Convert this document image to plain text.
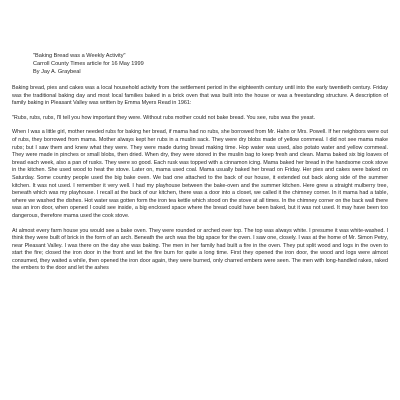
"Baking Bread was a Weekly Activity"
Carroll County Times article for 16 May 1999
By Jay A. Graybeal

Baking bread, pies and cakes was a local household activity from the settlement period in the eighteenth century until into the early twentieth century. Friday was the traditional baking day and most local families baked in a brick oven that was built into the house or was a freestanding structure. A description of family baking in Pleasant Valley was written by Emma Myers Read in 1961:

"Rubs, rubs, rubs, I'll tell you how important they were. Without rubs mother could not bake bread. You see, rubs was the yeast.

When I was a little girl, mother needed rubs for baking her bread, if mama had no rubs, she borrowed from Mr. Hahn or Mrs. Powell. If her neighbors were out of rubs, they borrowed from mama. Mother always kept her rubs in a muslin sack. They were dry blobs made of yellow cornmeal. I did not see mama make rubs; but I saw them and knew what they were. They were made during bread making time. Hop water was used, also potato water and yellow cornmeal. They were made in pinches or small blobs, then dried. When dry, they were stored in the muslin bag to keep fresh and clean. Mama baked six big loaves of bread each week, also a pan of rusks. They were so good. Each rusk was topped with a cinnamon icing. Mama baked her bread in the handsome cook stove in the kitchen. She used wood to heat the stove. Later on, mama used coal. Mama usually baked her bread on Friday. Her pies and cakes were baked on Saturday. Some country people used the big bake oven. We bad one attached to the back of our house, it extended out back along side of the summer kitchen. It was not used. I remember it very well. I had my playhouse between the bake-oven and the summer kitchen. Here grew a straight mulberry tree, beneath which was my playhouse. I recall at the back of our kitchen, there was a door into a closet, we called it the chimney corner. In it mama had a table, where we washed the dishes. Hot water was gotten form the iron tea kettle which stood on the stove at all times. In the chimney corner on the back wall there was an iron door, when opened I could see inside, a big enclosed space where the bread could have been baked, but it was not used. It may have been too dangerous, therefore mama used the cook stove.

At almost every farm house you would see a bake oven. They were rounded or arched over top. The top was always white. I presume it was white-washed. I think they were built of brick in the form of an arch. Beneath the arch was the big space for the oven. I saw one, closely. I was at the home of Mr. Simon Petry, near Pleasant Valley. I was there on the day she was baking. The men in her family had built a fire in the oven. They put split wood and logs in the oven to start the fire; closed the iron door in the front and let the fire burn for quite a long time. First they opened the iron door, the wood and logs were almost consumed, they waited a while, then opened the iron door again, they were burned, only charred embers were seen. The men with long-handled rakes, raked the embers to the door and let the ashes
